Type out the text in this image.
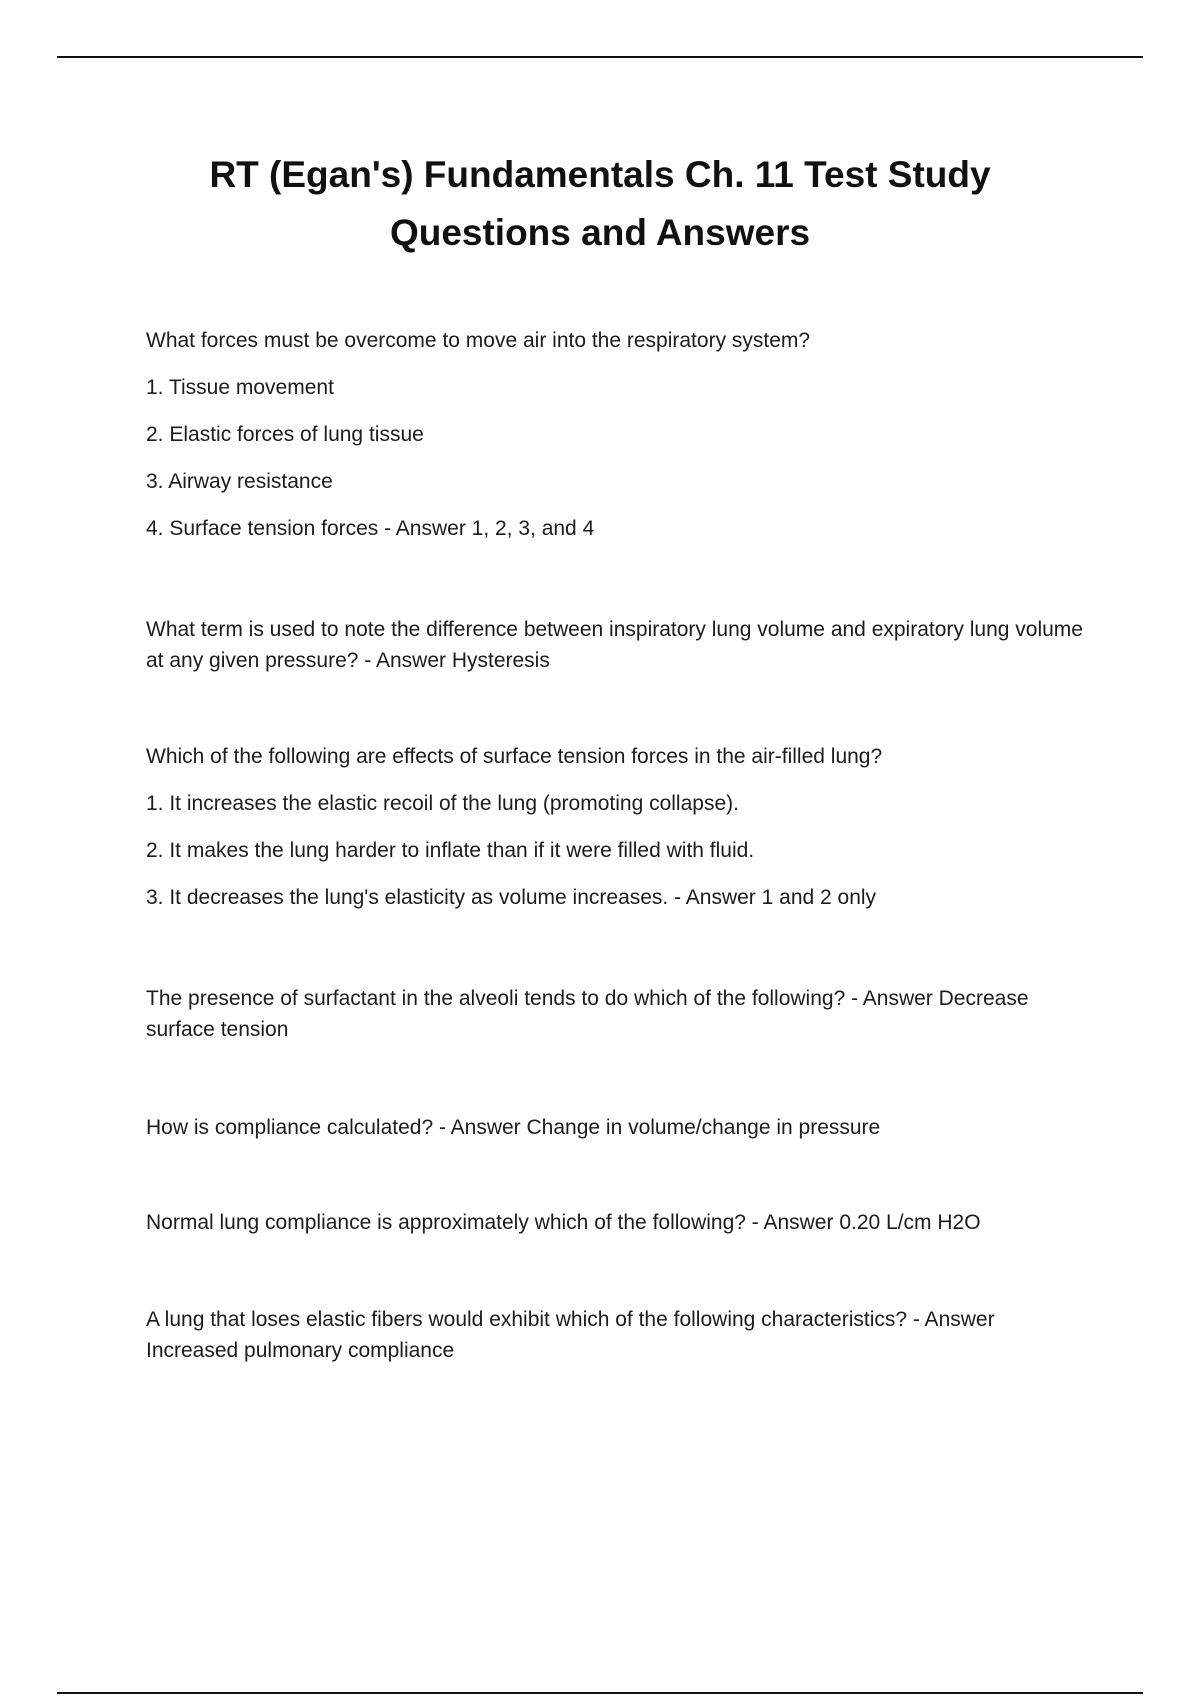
RT (Egan's) Fundamentals Ch. 11 Test Study
Questions and Answers

What forces must be overcome to move air into the respiratory system?

1. Tissue movement

2. Elastic forces of lung tissue

3. Airway resistance

4. Surface tension forces - Answer 1, 2, 3, and 4

What term is used to note the difference between inspiratory lung volume and expiratory lung volume at any given pressure? - Answer Hysteresis

Which of the following are effects of surface tension forces in the air-filled lung?

1. It increases the elastic recoil of the lung (promoting collapse).

2. It makes the lung harder to inflate than if it were filled with fluid.

3. It decreases the lung's elasticity as volume increases. - Answer 1 and 2 only

The presence of surfactant in the alveoli tends to do which of the following? - Answer Decrease surface tension

How is compliance calculated? - Answer Change in volume/change in pressure

Normal lung compliance is approximately which of the following? - Answer 0.20 L/cm H2O

A lung that loses elastic fibers would exhibit which of the following characteristics? - Answer Increased pulmonary compliance
